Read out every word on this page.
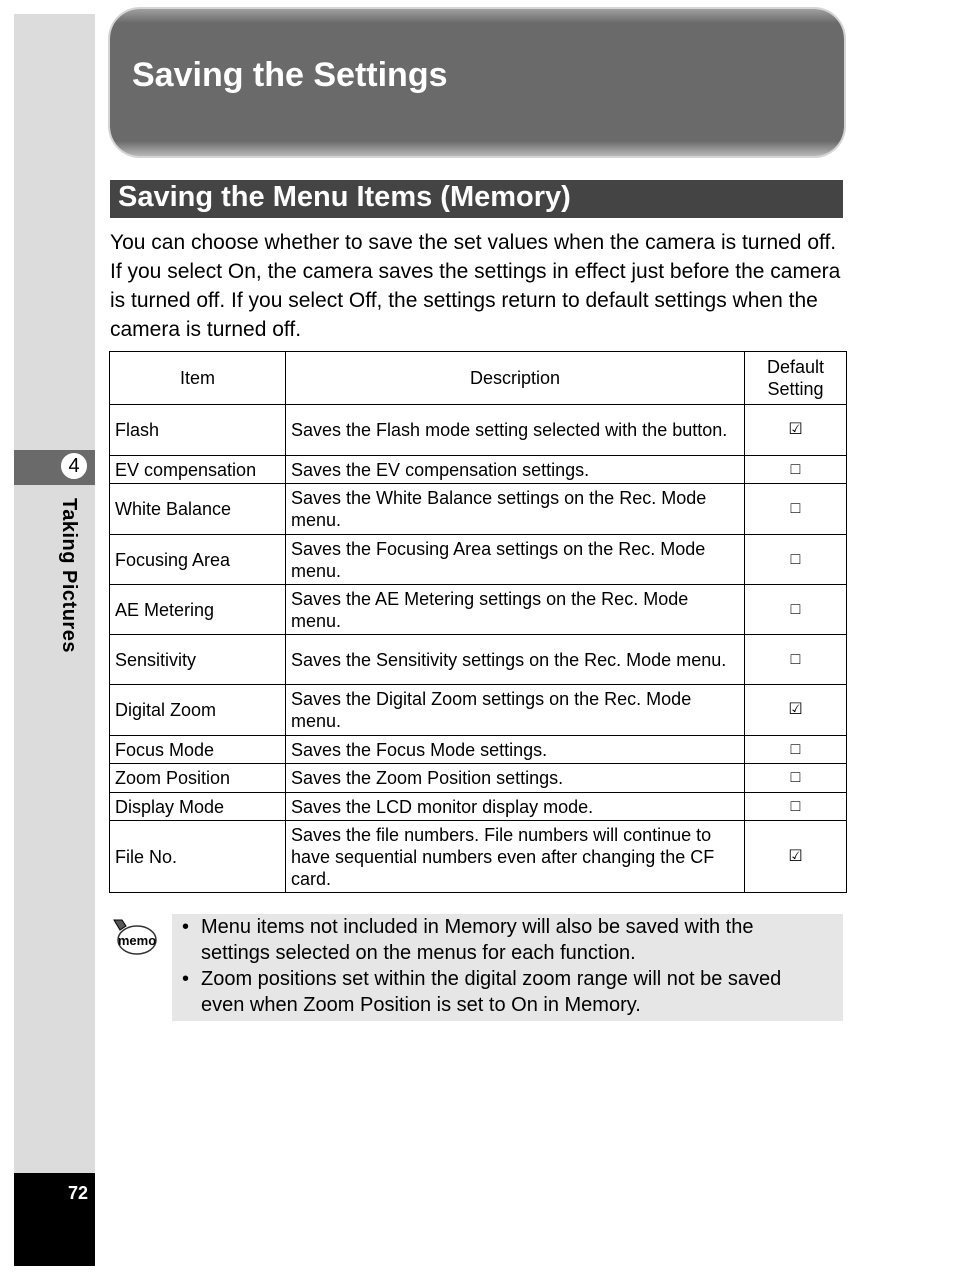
4
Taking Pictures
72
Saving the Settings
Saving the Menu Items (Memory)

You can choose whether to save the set values when the camera is turned off. If you select On, the camera saves the settings in effect just before the camera is turned off. If you select Off, the settings return to default settings when the camera is turned off.

Item	Description	Default
Setting
Flash	Saves the Flash mode setting selected with the button.	☑
EV compensation	Saves the EV compensation settings.	□
White Balance	Saves the White Balance settings on the Rec. Mode menu.	□
Focusing Area	Saves the Focusing Area settings on the Rec. Mode menu.	□
AE Metering	Saves the AE Metering settings on the Rec. Mode menu.	□
Sensitivity	Saves the Sensitivity settings on the Rec. Mode menu.	□
Digital Zoom	Saves the Digital Zoom settings on the Rec. Mode menu.	☑
Focus Mode	Saves the Focus Mode settings.	□
Zoom Position	Saves the Zoom Position settings.	□
Display Mode	Saves the LCD monitor display mode.	□
File No.	Saves the file numbers. File numbers will continue to have sequential numbers even after changing the CF card.	☑
memo
• Menu items not included in Memory will also be saved with the settings selected on the menus for each function.
• Zoom positions set within the digital zoom range will not be saved even when Zoom Position is set to On in Memory.
